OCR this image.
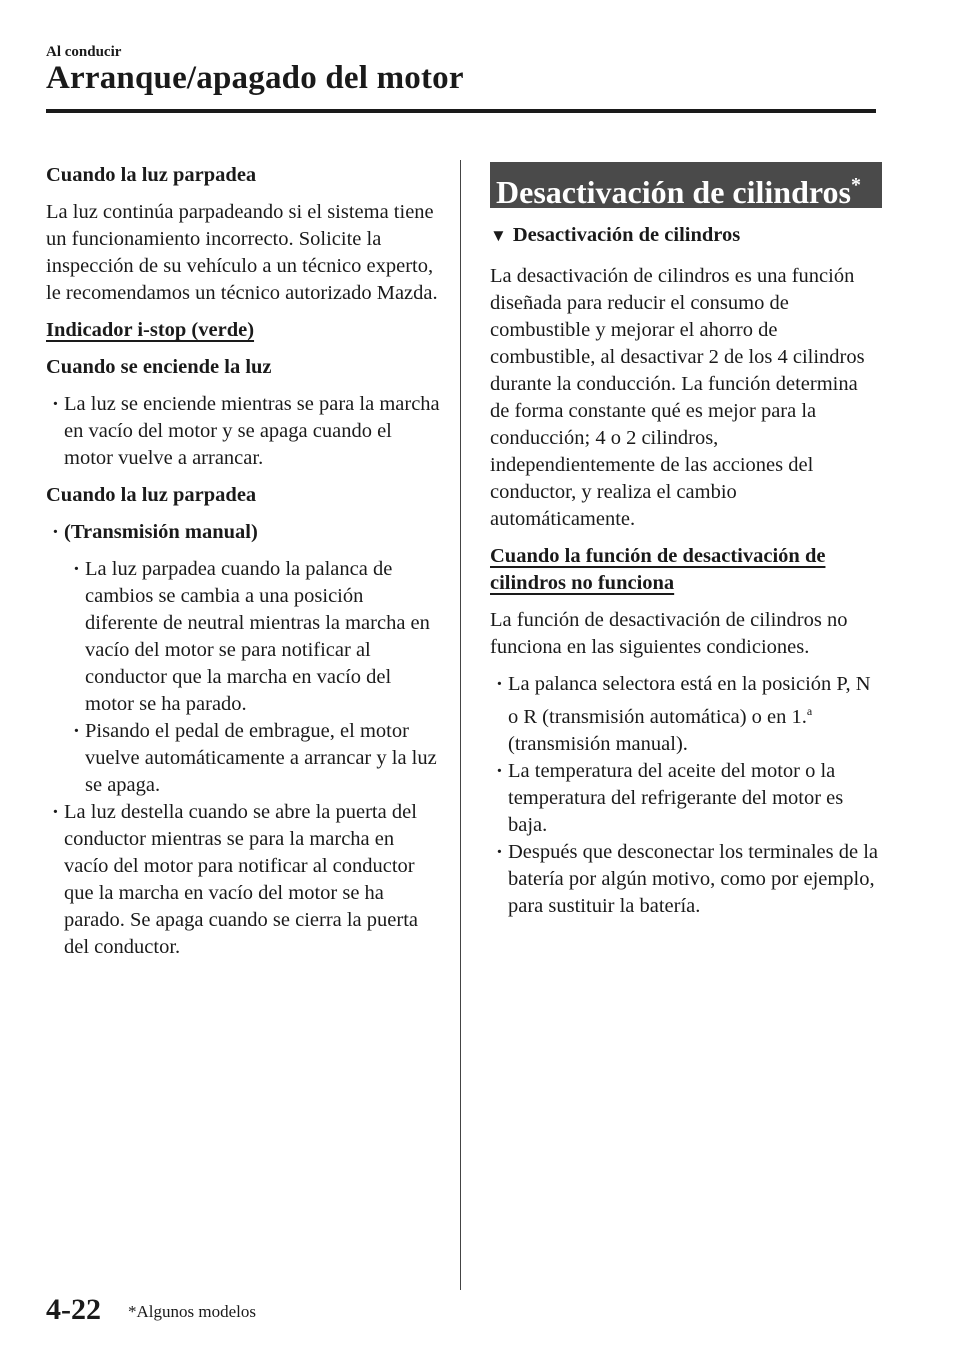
Al conducir
Arranque/apagado del motor

Cuando la luz parpadea

La luz continúa parpadeando si el sistema tiene un funcionamiento incorrecto. Solicite la inspección de su vehículo a un técnico experto, le recomendamos un técnico autorizado Mazda.

Indicador i-stop (verde)

Cuando se enciende la luz

· La luz se enciende mientras se para la marcha en vacío del motor y se apaga cuando el motor vuelve a arrancar.

Cuando la luz parpadea

· (Transmisión manual)

· La luz parpadea cuando la palanca de cambios se cambia a una posición diferente de neutral mientras la marcha en vacío del motor se para notificar al conductor que la marcha en vacío del motor se ha parado.

· Pisando el pedal de embrague, el motor vuelve automáticamente a arrancar y la luz se apaga.

· La luz destella cuando se abre la puerta del conductor mientras se para la marcha en vacío del motor para notificar al conductor que la marcha en vacío del motor se ha parado. Se apaga cuando se cierra la puerta del conductor.

Desactivación de cilindros*

▼ Desactivación de cilindros

La desactivación de cilindros es una función diseñada para reducir el consumo de combustible y mejorar el ahorro de combustible, al desactivar 2 de los 4 cilindros durante la conducción. La función determina de forma constante qué es mejor para la conducción; 4 o 2 cilindros, independientemente de las acciones del conductor, y realiza el cambio automáticamente.

Cuando la función de desactivación de cilindros no funciona

La función de desactivación de cilindros no funciona en las siguientes condiciones.

· La palanca selectora está en la posición P, N o R (transmisión automática) o en 1.$^a$ (transmisión manual).

· La temperatura del aceite del motor o la temperatura del refrigerante del motor es baja.

· Después que desconectar los terminales de la batería por algún motivo, como por ejemplo, para sustituir la batería.

4-22 *Algunos modelos
